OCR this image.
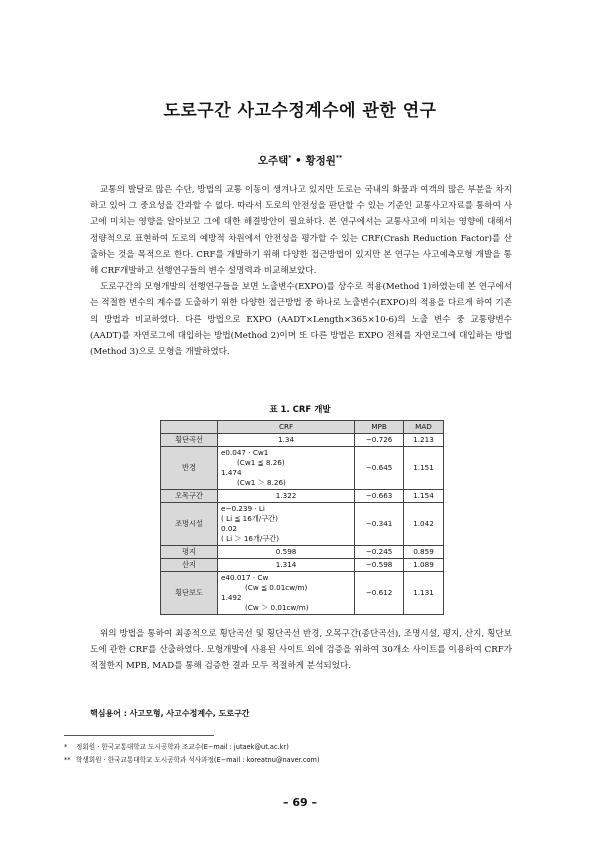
도로구간 사고수정계수에 관한 연구
오주택* • 황정원**

교통의 발달로 많은 수단, 방법의 교통 이동이 생겨나고 있지만 도로는 국내의 화물과 여객의 많은 부분을 차지하고 있어 그 중요성을 간과할 수 없다. 따라서 도로의 안전성을 판단할 수 있는 기준인 교통사고자료를 통하여 사고에 미치는 영향을 알아보고 그에 대한 해결방안이 필요하다. 본 연구에서는 교통사고에 미치는 영향에 대해서 정량적으로 표현하여 도로의 예방적 차원에서 안전성을 평가할 수 있는 CRF(Crash Reduction Factor)를 산출하는 것을 목적으로 한다. CRF를 개발하기 위해 다양한 접근방법이 있지만 본 연구는 사고예측모형 개발을 통해 CRF개발하고 선행연구들의 변수 설명력과 비교해보았다.

도로구간의 모형개발의 선행연구들을 보면 노출변수(EXPO)를 상수로 적용(Method 1)하였는데 본 연구에서는 적절한 변수의 계수를 도출하기 위한 다양한 접근방법 중 하나로 노출변수(EXPO)의 적용을 다르게 하여 기존의 방법과 비교하였다. 다른 방법으로 EXPO (AADT×Length×365×10-6)의 노출 변수 중 교통량변수(AADT)를 자연로그에 대입하는 방법(Method 2)이며 또 다른 방법은 EXPO 전체를 자연로그에 대입하는 방법(Method 3)으로 모형을 개발하였다.

표 1. CRF 개발
	CRF	MPB	MAD
횡단곡선	1.34	−0.726	1.213
반경	e0.047 · Cw1
(Cw1 ≦ 8.26)
1.474
(Cw1 ＞ 8.26)	−0.645	1.151
오목구간	1.322	−0.663	1.154
조명시설	e−0.239 · Li
( Li ≦ 16개/구간)
0.02
( Li ＞ 16개/구간)	−0.341	1.042
평지	0.598	−0.245	0.859
산지	1.314	−0.598	1.089
횡단보도	e40.017 · Cw
(Cw ≦ 0.01cw/m)
1.492
(Cw ＞ 0.01cw/m)	−0.612	1.131

위의 방법을 통하여 최종적으로 횡단곡선 및 횡단곡선 반경, 오목구간(종단곡선), 조명시설, 평지, 산지, 횡단보도에 관한 CRF를 산출하였다. 모형개발에 사용된 사이트 외에 검증을 위하여 30개소 사이트를 이용하여 CRF가 적절한지 MPB, MAD를 통해 검증한 결과 모두 적절하게 분석되었다.

핵심용어 : 사고모형, 사고수정계수, 도로구간
* 정회원 · 한국교통대학교 도시공학과 조교수(E−mail : jutaek@ut.ac.kr)
** 학생회원 · 한국교통대학교 도시공학과 석사과정(E−mail : koreatnu@naver.com)
– 69 –
